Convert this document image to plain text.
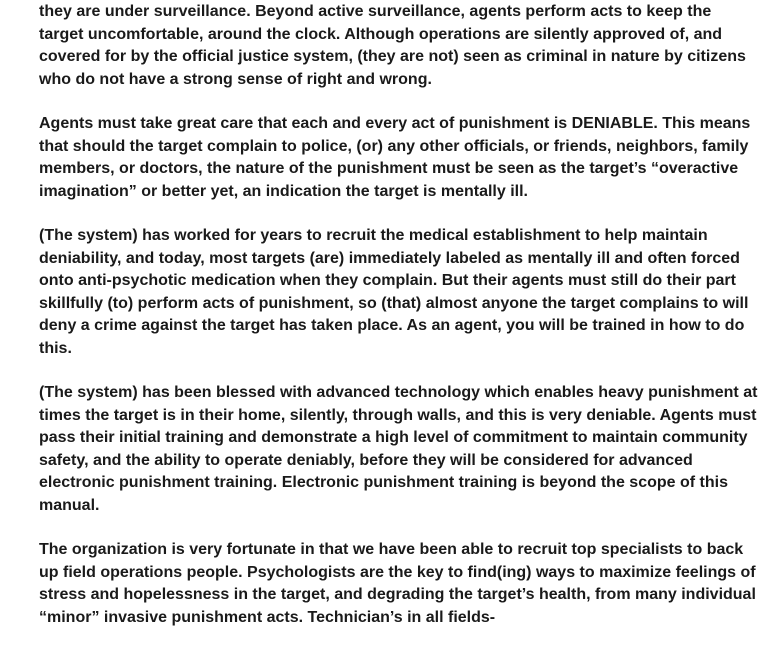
they are under surveillance. Beyond active surveillance, agents perform acts to keep the target uncomfortable, around the clock. Although operations are silently approved of, and covered for by the official justice system, (they are not) seen as criminal in nature by citizens who do not have a strong sense of right and wrong.

Agents must take great care that each and every act of punishment is DENIABLE. This means that should the target complain to police, (or) any other officials, or friends, neighbors, family members, or doctors, the nature of the punishment must be seen as the target’s “overactive imagination” or better yet, an indication the target is mentally ill.

(The system) has worked for years to recruit the medical establishment to help maintain deniability, and today, most targets (are) immediately labeled as mentally ill and often forced onto anti-psychotic medication when they complain. But their agents must still do their part skillfully (to) perform acts of punishment, so (that) almost anyone the target complains to will deny a crime against the target has taken place. As an agent, you will be trained in how to do this.

(The system) has been blessed with advanced technology which enables heavy punishment at times the target is in their home, silently, through walls, and this is very deniable. Agents must pass their initial training and demonstrate a high level of commitment to maintain community safety, and the ability to operate deniably, before they will be considered for advanced electronic punishment training. Electronic punishment training is beyond the scope of this manual.

The organization is very fortunate in that we have been able to recruit top specialists to back up field operations people. Psychologists are the key to find(ing) ways to maximize feelings of stress and hopelessness in the target, and degrading the target’s health, from many individual “minor” invasive punishment acts. Technician’s in all fields-
